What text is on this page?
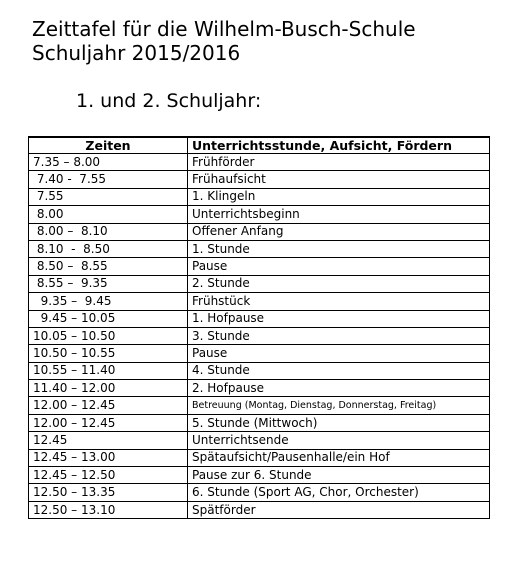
Zeittafel für die Wilhelm-Busch-Schule
Schuljahr 2015/2016
1. und 2. Schuljahr:
Zeiten	Unterrichtsstunde, Aufsicht, Fördern
7.35 – 8.00	Frühförder
7.40 -  7.55	Frühaufsicht
7.55	1. Klingeln
8.00	Unterrichtsbeginn
8.00 –  8.10	Offener Anfang
8.10  -  8.50	1. Stunde
8.50 –  8.55	Pause
8.55 –  9.35	2. Stunde
9.35 –  9.45	Frühstück
9.45 – 10.05	1. Hofpause
10.05 – 10.50	3. Stunde
10.50 – 10.55	Pause
10.55 – 11.40	4. Stunde
11.40 – 12.00	2. Hofpause
12.00 – 12.45	Betreuung (Montag, Dienstag, Donnerstag, Freitag)
12.00 – 12.45	5. Stunde (Mittwoch)
12.45	Unterrichtsende
12.45 – 13.00	Spätaufsicht/Pausenhalle/ein Hof
12.45 – 12.50	Pause zur 6. Stunde
12.50 – 13.35	6. Stunde (Sport AG, Chor, Orchester)
12.50 – 13.10	Spätförder
